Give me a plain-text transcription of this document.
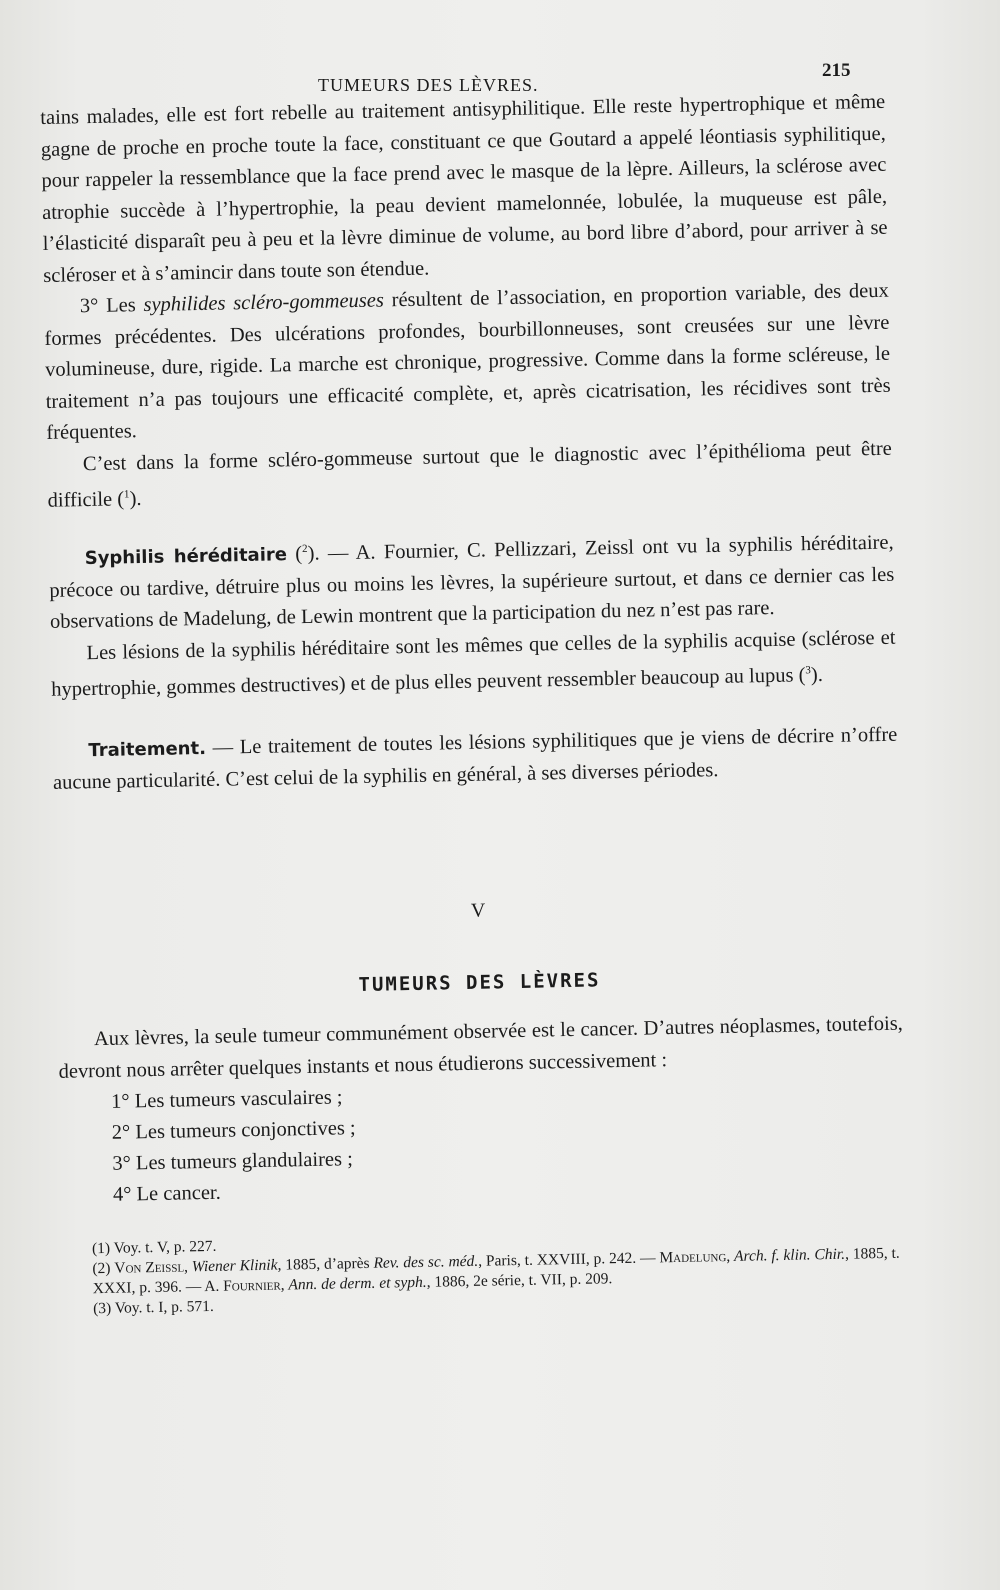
TUMEURS DES LÈVRES.
215

tains malades, elle est fort rebelle au traitement antisyphilitique. Elle reste hypertrophique et même gagne de proche en proche toute la face, constituant ce que Goutard a appelé léontiasis syphilitique, pour rappeler la ressemblance que la face prend avec le masque de la lèpre. Ailleurs, la sclérose avec atrophie succède à l’hypertrophie, la peau devient mamelonnée, lobulée, la muqueuse est pâle, l’élasticité disparaît peu à peu et la lèvre diminue de volume, au bord libre d’abord, pour arriver à se scléroser et à s’amincir dans toute son étendue.

3° Les syphilides scléro-gommeuses résultent de l’association, en proportion variable, des deux formes précédentes. Des ulcérations profondes, bourbillonneuses, sont creusées sur une lèvre volumineuse, dure, rigide. La marche est chronique, progressive. Comme dans la forme scléreuse, le traitement n’a pas toujours une efficacité complète, et, après cicatrisation, les récidives sont très fréquentes.

C’est dans la forme scléro-gommeuse surtout que le diagnostic avec l’épithélioma peut être difficile ($^1$).

Syphilis héréditaire ($^2$). — A. Fournier, C. Pellizzari, Zeissl ont vu la syphilis héréditaire, précoce ou tardive, détruire plus ou moins les lèvres, la supérieure surtout, et dans ce dernier cas les observations de Madelung, de Lewin montrent que la participation du nez n’est pas rare.

Les lésions de la syphilis héréditaire sont les mêmes que celles de la syphilis acquise (sclérose et hypertrophie, gommes destructives) et de plus elles peuvent ressembler beaucoup au lupus ($^3$).

Traitement. — Le traitement de toutes les lésions syphilitiques que je viens de décrire n’offre aucune particularité. C’est celui de la syphilis en général, à ses diverses périodes.

V

TUMEURS DES LÈVRES

Aux lèvres, la seule tumeur communément observée est le cancer. D’autres néoplasmes, toutefois, devront nous arrêter quelques instants et nous étudierons successivement :

1° Les tumeurs vasculaires ;
2° Les tumeurs conjonctives ;
3° Les tumeurs glandulaires ;
4° Le cancer.

(1) Voy. t. V, p. 227.

(2) Von Zeissl, Wiener Klinik, 1885, d’après Rev. des sc. méd., Paris, t. XXVIII, p. 242. — Madelung, Arch. f. klin. Chir., 1885, t. XXXI, p. 396. — A. Fournier, Ann. de derm. et syph., 1886, 2e série, t. VII, p. 209.

(3) Voy. t. I, p. 571.
